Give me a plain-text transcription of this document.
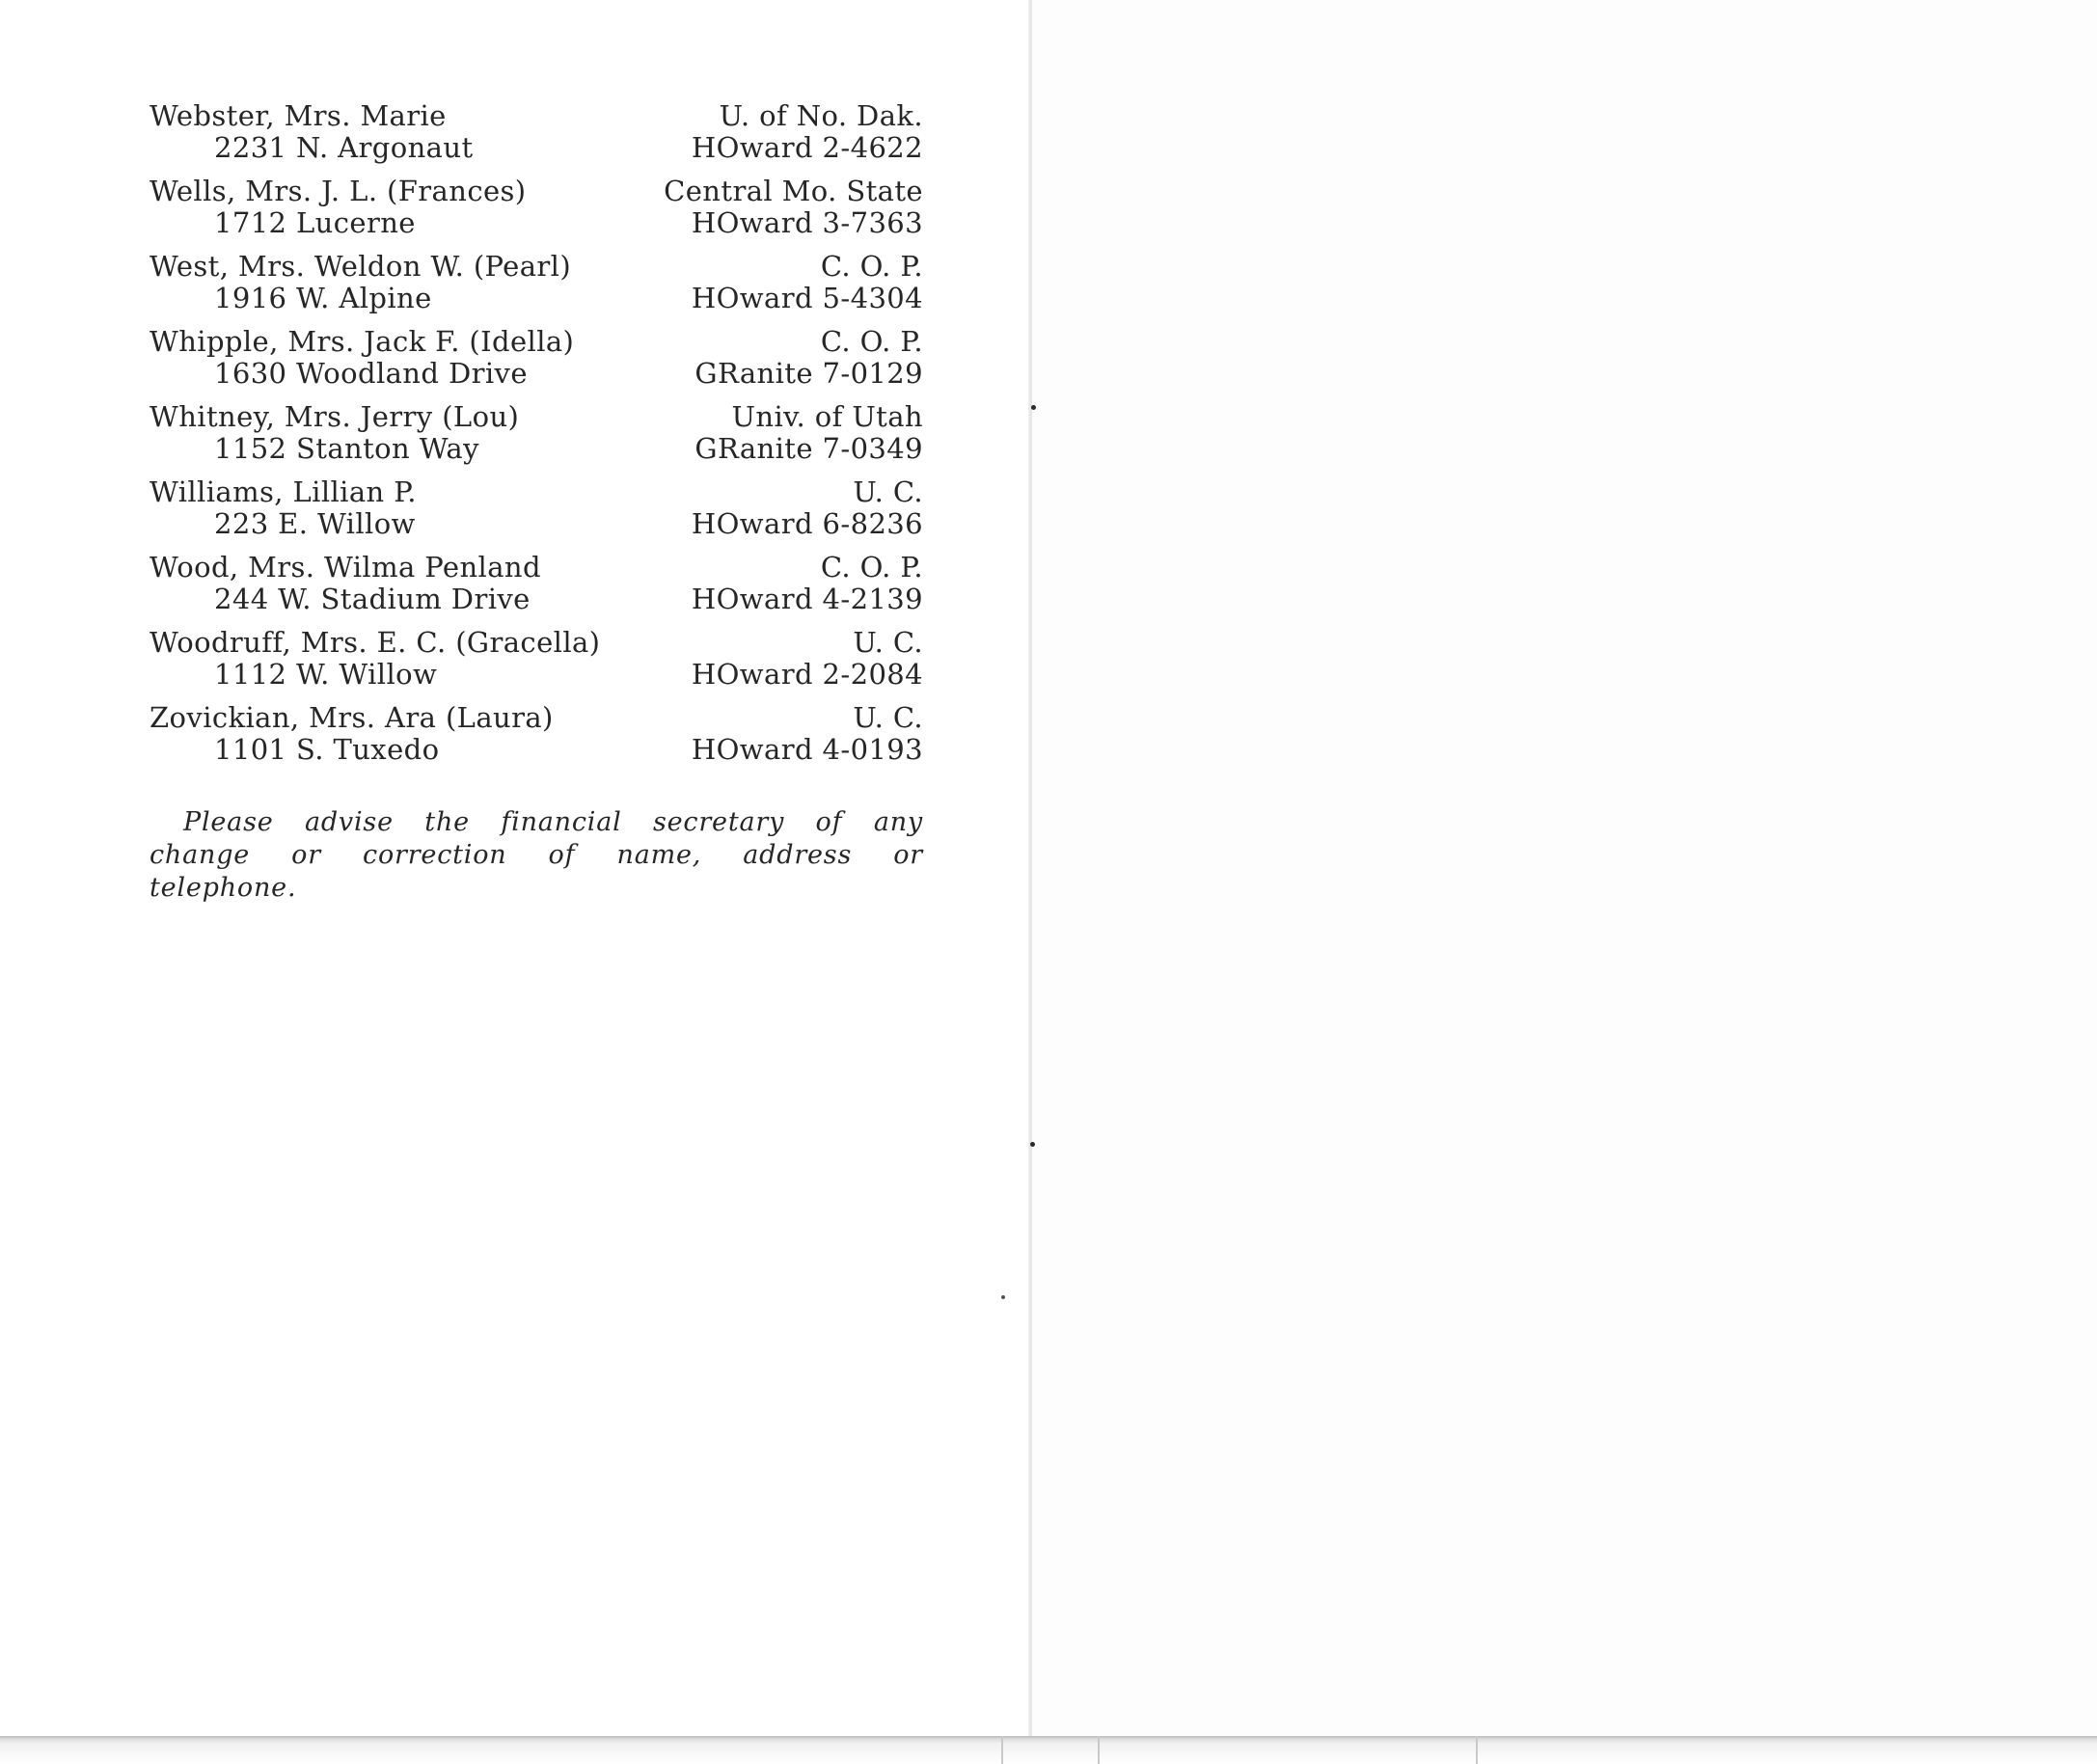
Webster, Mrs. Marie
2231 N. Argonaut
U. of No. Dak.
HOward 2-4622
Wells, Mrs. J. L. (Frances)
1712 Lucerne
Central Mo. State
HOward 3-7363
West, Mrs. Weldon W. (Pearl)
1916 W. Alpine
C. O. P.
HOward 5-4304
Whipple, Mrs. Jack F. (Idella)
1630 Woodland Drive
C. O. P.
GRanite 7-0129
Whitney, Mrs. Jerry (Lou)
1152 Stanton Way
Univ. of Utah
GRanite 7-0349
Williams, Lillian P.
223 E. Willow
U. C.
HOward 6-8236
Wood, Mrs. Wilma Penland
244 W. Stadium Drive
C. O. P.
HOward 4-2139
Woodruff, Mrs. E. C. (Gracella)
1112 W. Willow
U. C.
HOward 2-2084
Zovickian, Mrs. Ara (Laura)
1101 S. Tuxedo
U. C.
HOward 4-0193

Please advise the financial secretary of any change or correction of name, address or telephone.
